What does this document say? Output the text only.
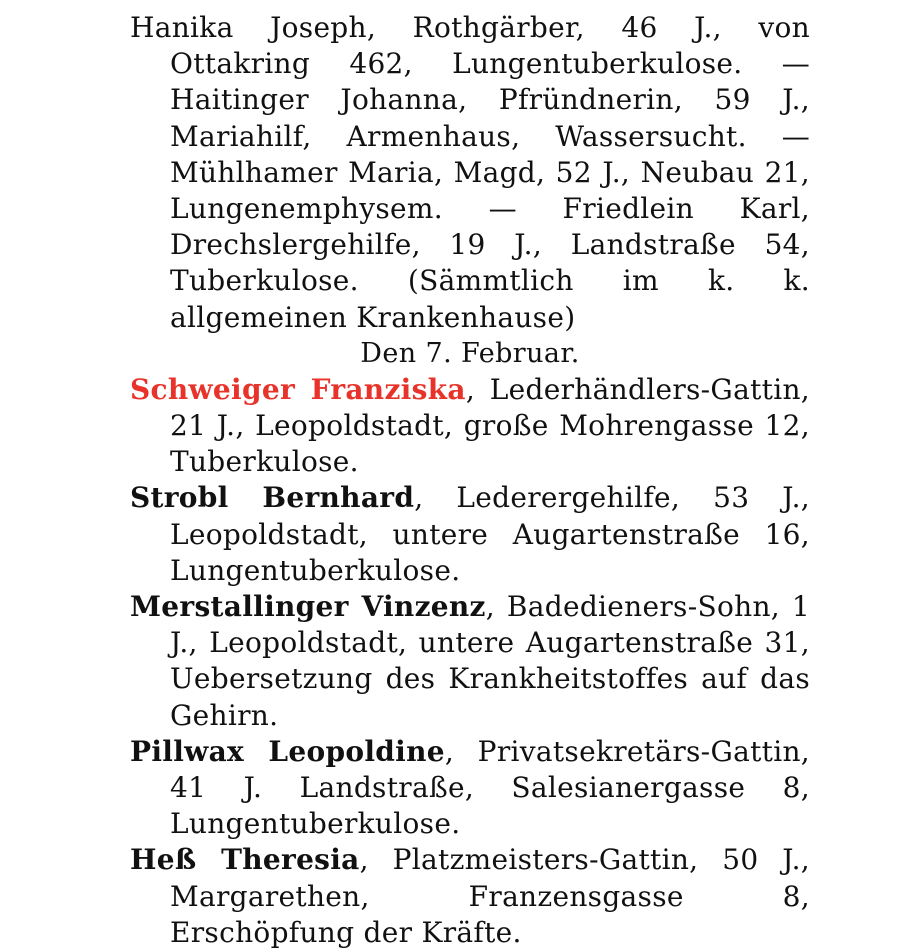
Hanika Joseph, Rothgärber, 46 J., von Ottakring 462, Lungentuberkulose. — Haitinger Johanna, Pfründnerin, 59 J., Mariahilf, Armenhaus, Wassersucht. — Mühlhamer Maria, Magd, 52 J., Neubau 21, Lungenemphysem. — Friedlein Karl, Drechslergehilfe, 19 J., Landstraße 54, Tuberkulose. (Sämmtlich im k. k. allgemeinen Krankenhause)

Den 7. Februar.

Schweiger Franziska, Lederhändlers-Gattin, 21 J., Leopoldstadt, große Mohrengasse 12, Tuberkulose.

Strobl Bernhard, Lederergehilfe, 53 J., Leopoldstadt, untere Augartenstraße 16, Lungentuberkulose.

Merstallinger Vinzenz, Badedieners-Sohn, 1 J., Leopoldstadt, untere Augartenstraße 31, Uebersetzung des Krankheitstoffes auf das Gehirn.

Pillwax Leopoldine, Privatsekretärs-Gattin, 41 J. Landstraße, Salesianergasse 8, Lungentuberkulose.

Heß Theresia, Platzmeisters-Gattin, 50 J., Margarethen, Franzensgasse 8, Erschöpfung der Kräfte.
